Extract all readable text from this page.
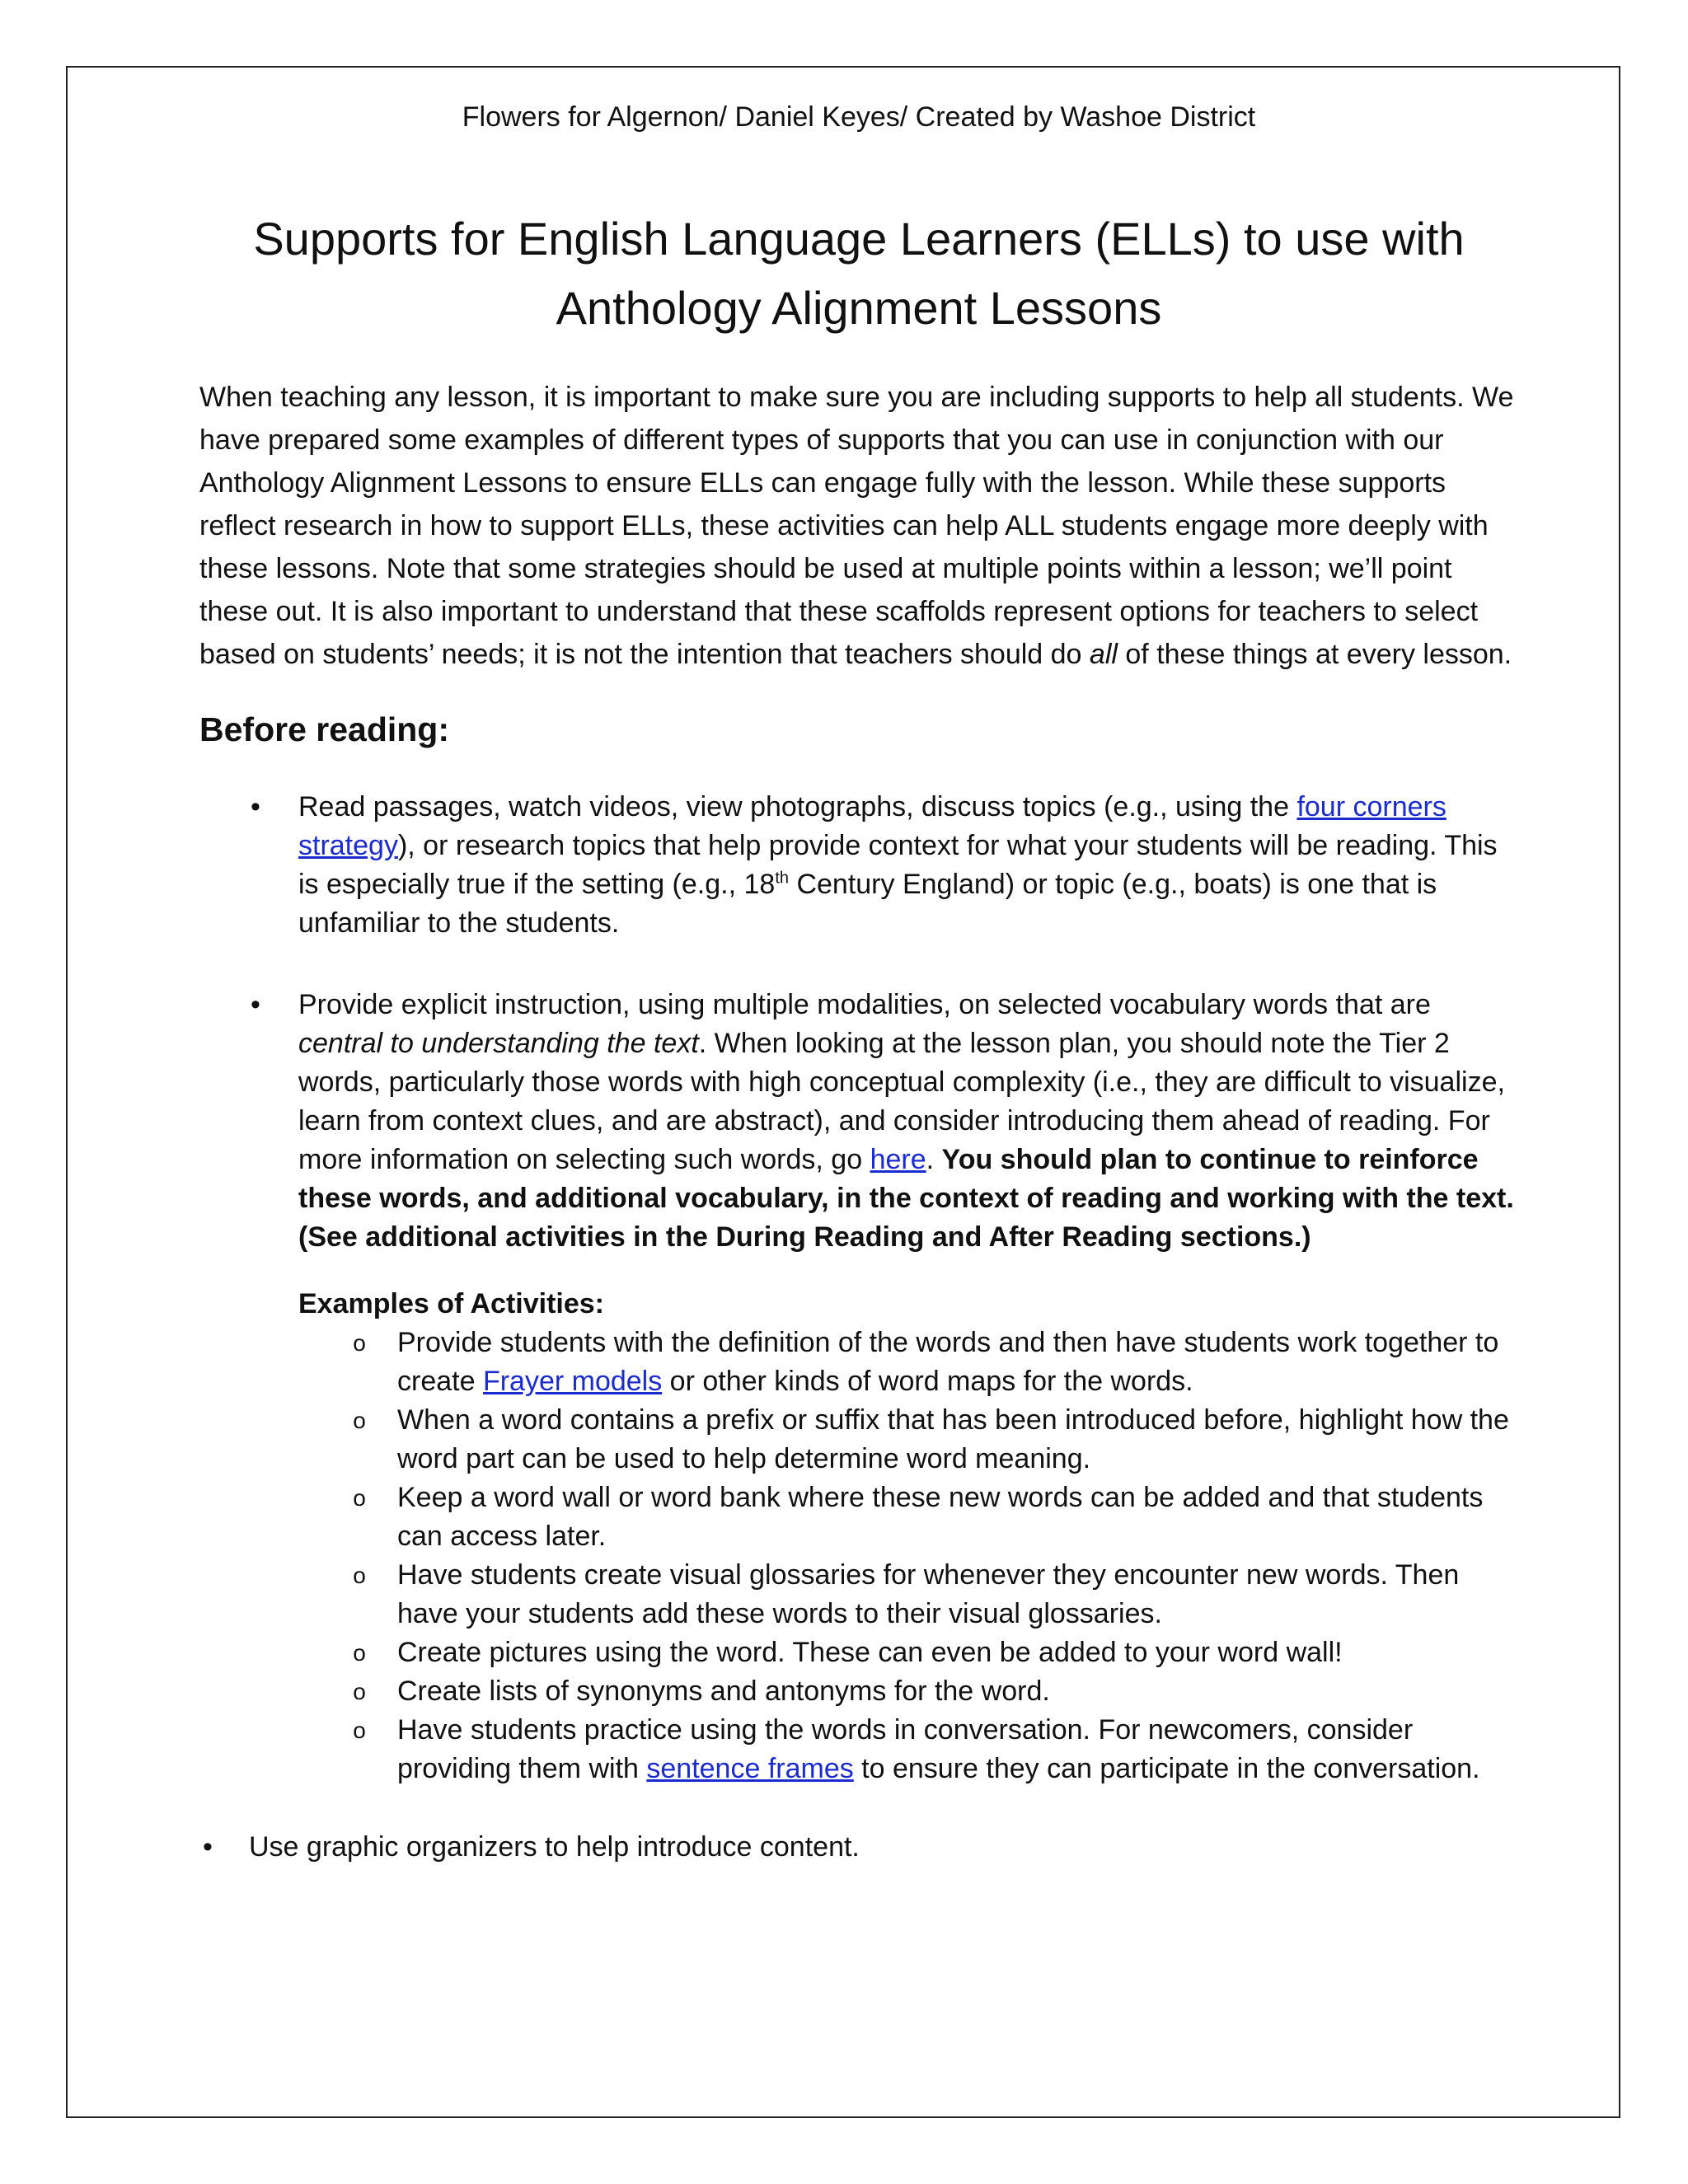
Flowers for Algernon/ Daniel Keyes/ Created by Washoe District

Supports for English Language Learners (ELLs) to use with
Anthology Alignment Lessons

When teaching any lesson, it is important to make sure you are including supports to help all students. We have prepared some examples of different types of supports that you can use in conjunction with our Anthology Alignment Lessons to ensure ELLs can engage fully with the lesson. While these supports reflect research in how to support ELLs, these activities can help ALL students engage more deeply with these lessons. Note that some strategies should be used at multiple points within a lesson; we’ll point these out. It is also important to understand that these scaffolds represent options for teachers to select based on students’ needs; it is not the intention that teachers should do all of these things at every lesson.

Before reading:
•	Read passages, watch videos, view photographs, discuss topics (e.g., using the four corners strategy), or research topics that help provide context for what your students will be reading. This is especially true if the setting (e.g., 18th Century England) or topic (e.g., boats) is one that is unfamiliar to the students.
•	Provide explicit instruction, using multiple modalities, on selected vocabulary words that are central to understanding the text. When looking at the lesson plan, you should note the Tier 2 words, particularly those words with high conceptual complexity (i.e., they are difficult to visualize, learn from context clues, and are abstract), and consider introducing them ahead of reading. For more information on selecting such words, go here. You should plan to continue to reinforce these words, and additional vocabulary, in the context of reading and working with the text. (See additional activities in the During Reading and After Reading sections.)
Examples of Activities:
o	Provide students with the definition of the words and then have students work together to create Frayer models or other kinds of word maps for the words.
o	When a word contains a prefix or suffix that has been introduced before, highlight how the word part can be used to help determine word meaning.
o	Keep a word wall or word bank where these new words can be added and that students can access later.
o	Have students create visual glossaries for whenever they encounter new words. Then have your students add these words to their visual glossaries.
o	Create pictures using the word. These can even be added to your word wall!
o	Create lists of synonyms and antonyms for the word.
o	Have students practice using the words in conversation. For newcomers, consider providing them with sentence frames to ensure they can participate in the conversation.
•	Use graphic organizers to help introduce content.
